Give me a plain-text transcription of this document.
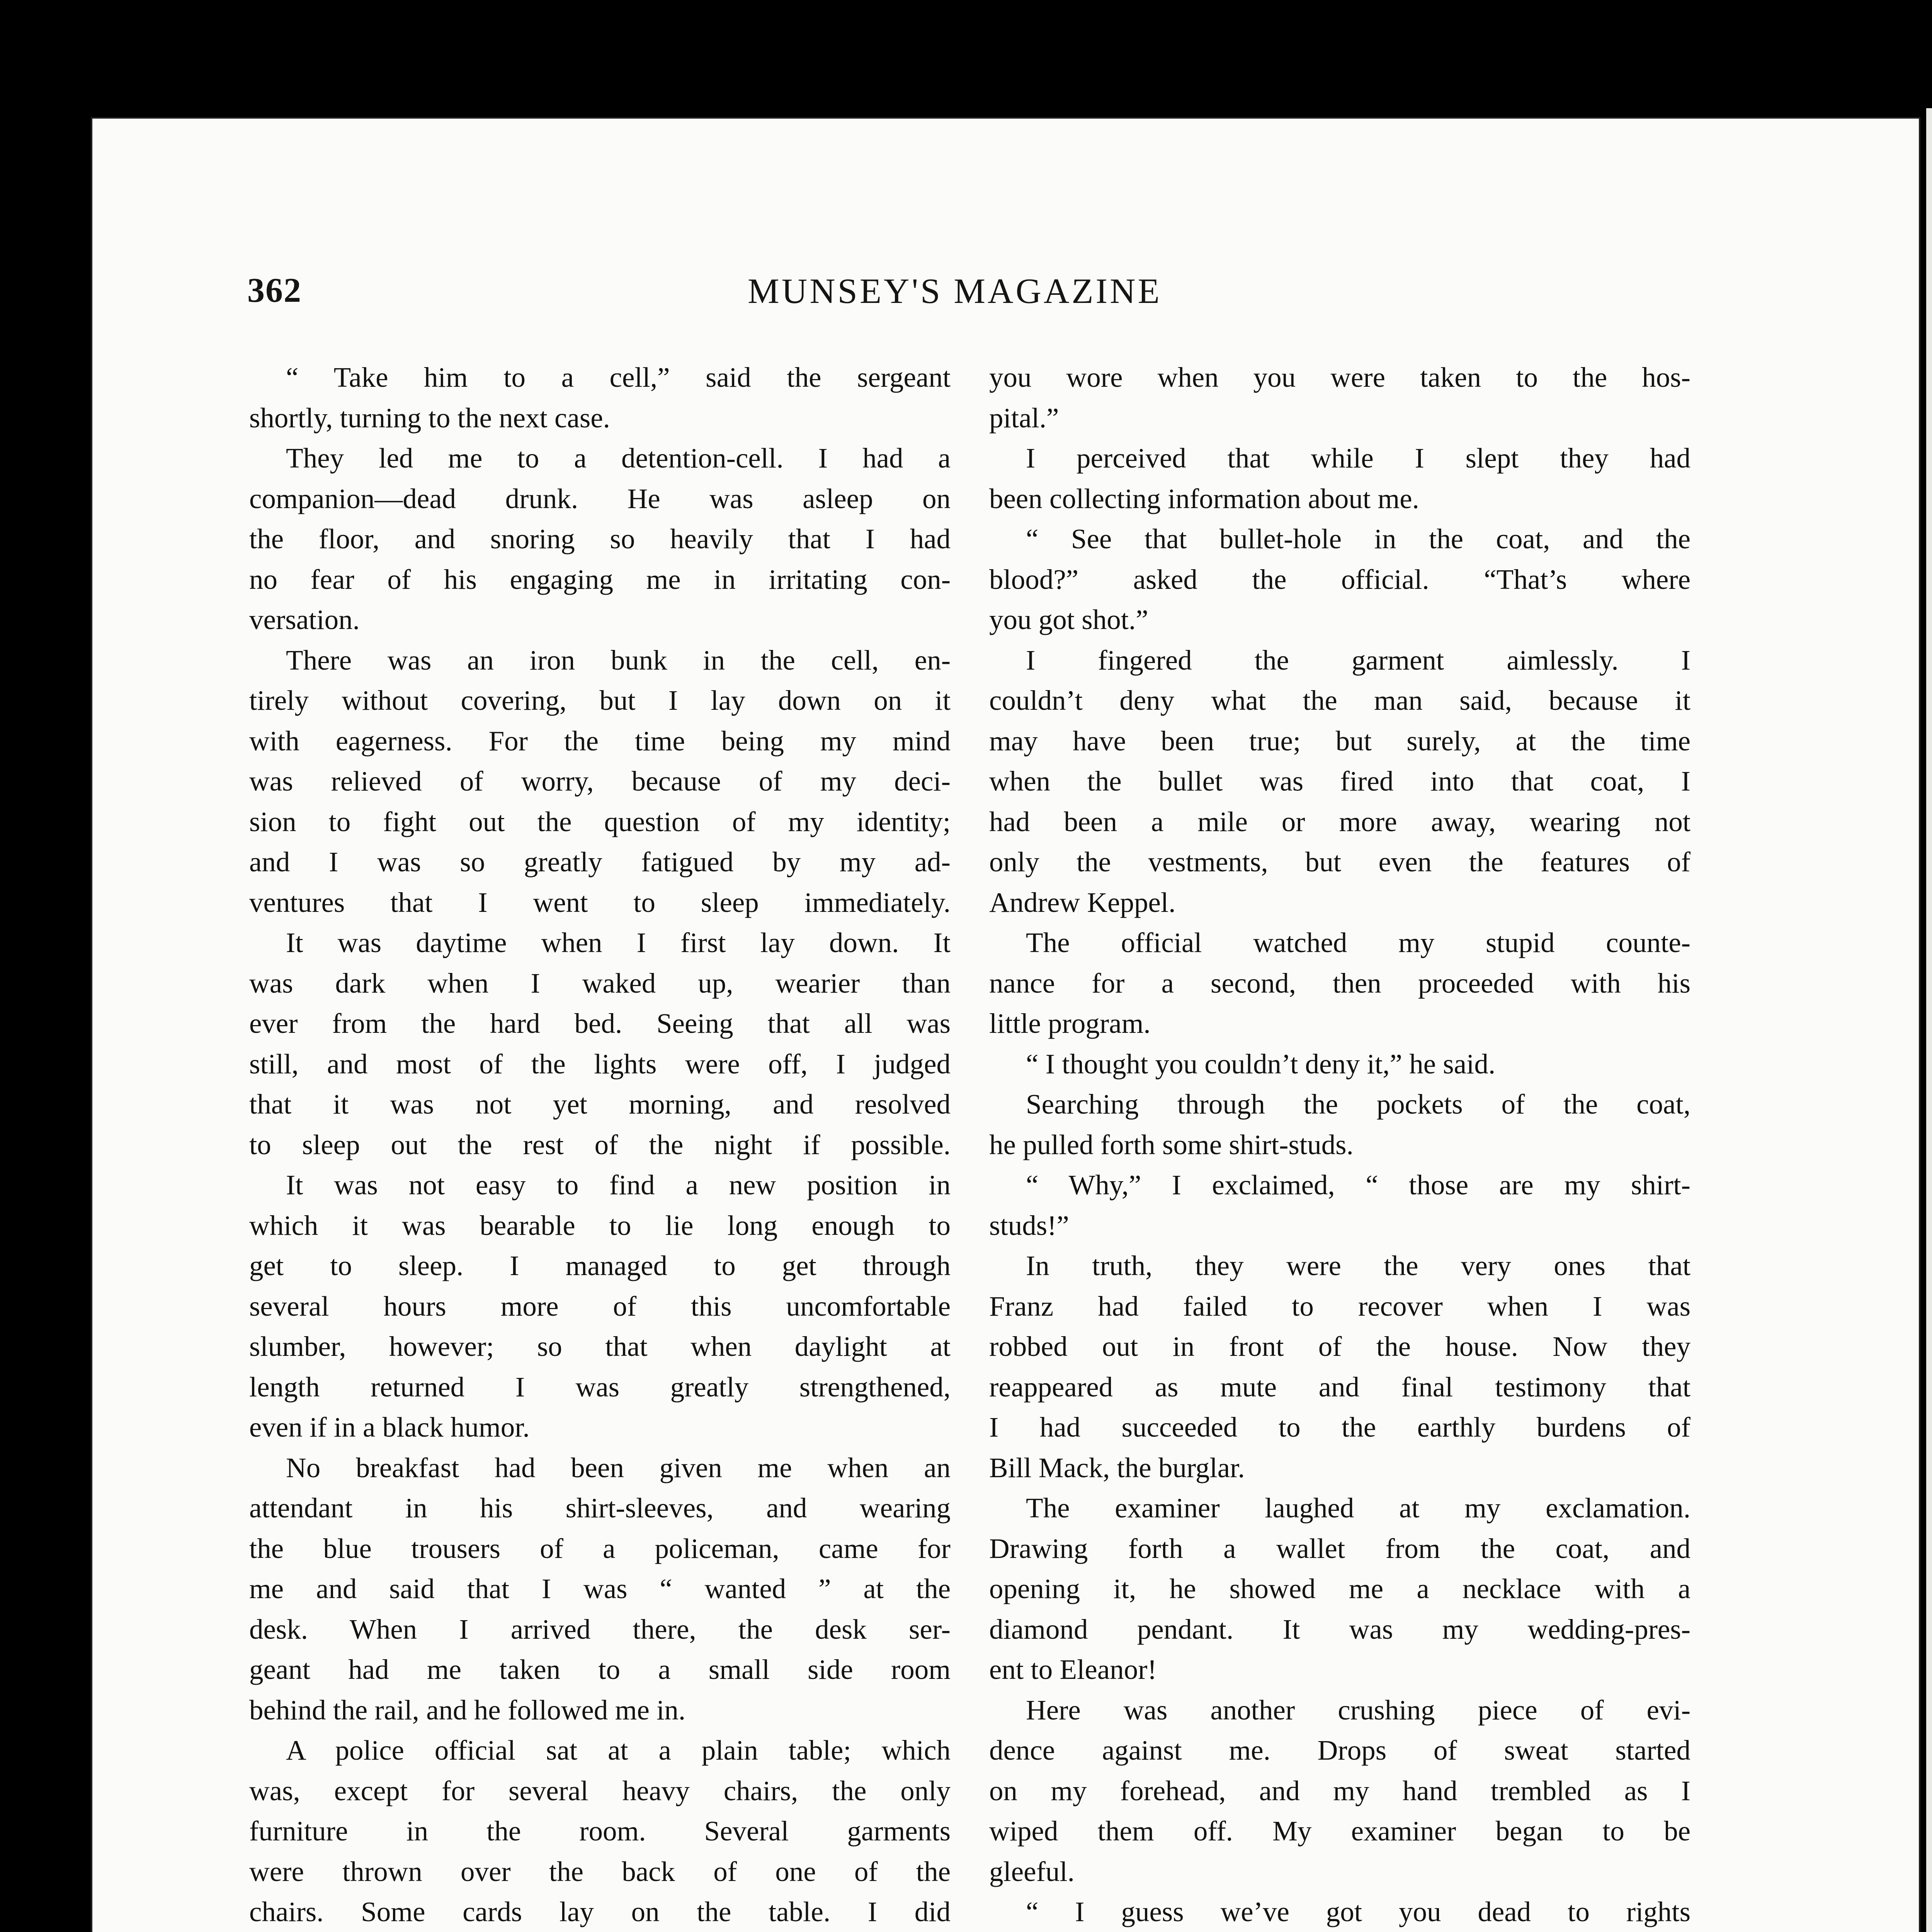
362	MUNSEY'S MAGAZINE
“ Take him to a cell,” said the sergeant
shortly, turning to the next case.
They led me to a detention-cell. I had a
companion—dead drunk. He was asleep on
the floor, and snoring so heavily that I had
no fear of his engaging me in irritating con-
versation.
There was an iron bunk in the cell, en-
tirely without covering, but I lay down on it
with eagerness. For the time being my mind
was relieved of worry, because of my deci-
sion to fight out the question of my identity;
and I was so greatly fatigued by my ad-
ventures that I went to sleep immediately.
It was daytime when I first lay down. It
was dark when I waked up, wearier than
ever from the hard bed. Seeing that all was
still, and most of the lights were off, I judged
that it was not yet morning, and resolved
to sleep out the rest of the night if possible.
It was not easy to find a new position in
which it was bearable to lie long enough to
get to sleep. I managed to get through
several hours more of this uncomfortable
slumber, however; so that when daylight at
length returned I was greatly strengthened,
even if in a black humor.
No breakfast had been given me when an
attendant in his shirt-sleeves, and wearing
the blue trousers of a policeman, came for
me and said that I was “ wanted ” at the
desk. When I arrived there, the desk ser-
geant had me taken to a small side room
behind the rail, and he followed me in.
A police official sat at a plain table; which
was, except for several heavy chairs, the only
furniture in the room. Several garments
were thrown over the back of one of the
chairs. Some cards lay on the table. I did
you wore when you were taken to the hos-
pital.”
I perceived that while I slept they had
been collecting information about me.
“ See that bullet-hole in the coat, and the
blood?” asked the official. “That’s where
you got shot.”
I fingered the garment aimlessly. I
couldn’t deny what the man said, because it
may have been true; but surely, at the time
when the bullet was fired into that coat, I
had been a mile or more away, wearing not
only the vestments, but even the features of
Andrew Keppel.
The official watched my stupid counte-
nance for a second, then proceeded with his
little program.
“ I thought you couldn’t deny it,” he said.
Searching through the pockets of the coat,
he pulled forth some shirt-studs.
“ Why,” I exclaimed, “ those are my shirt-
studs!”
In truth, they were the very ones that
Franz had failed to recover when I was
robbed out in front of the house. Now they
reappeared as mute and final testimony that
I had succeeded to the earthly burdens of
Bill Mack, the burglar.
The examiner laughed at my exclamation.
Drawing forth a wallet from the coat, and
opening it, he showed me a necklace with a
diamond pendant. It was my wedding-pres-
ent to Eleanor!
Here was another crushing piece of evi-
dence against me. Drops of sweat started
on my forehead, and my hand trembled as I
wiped them off. My examiner began to be
gleeful.
“ I guess we’ve got you dead to rights
